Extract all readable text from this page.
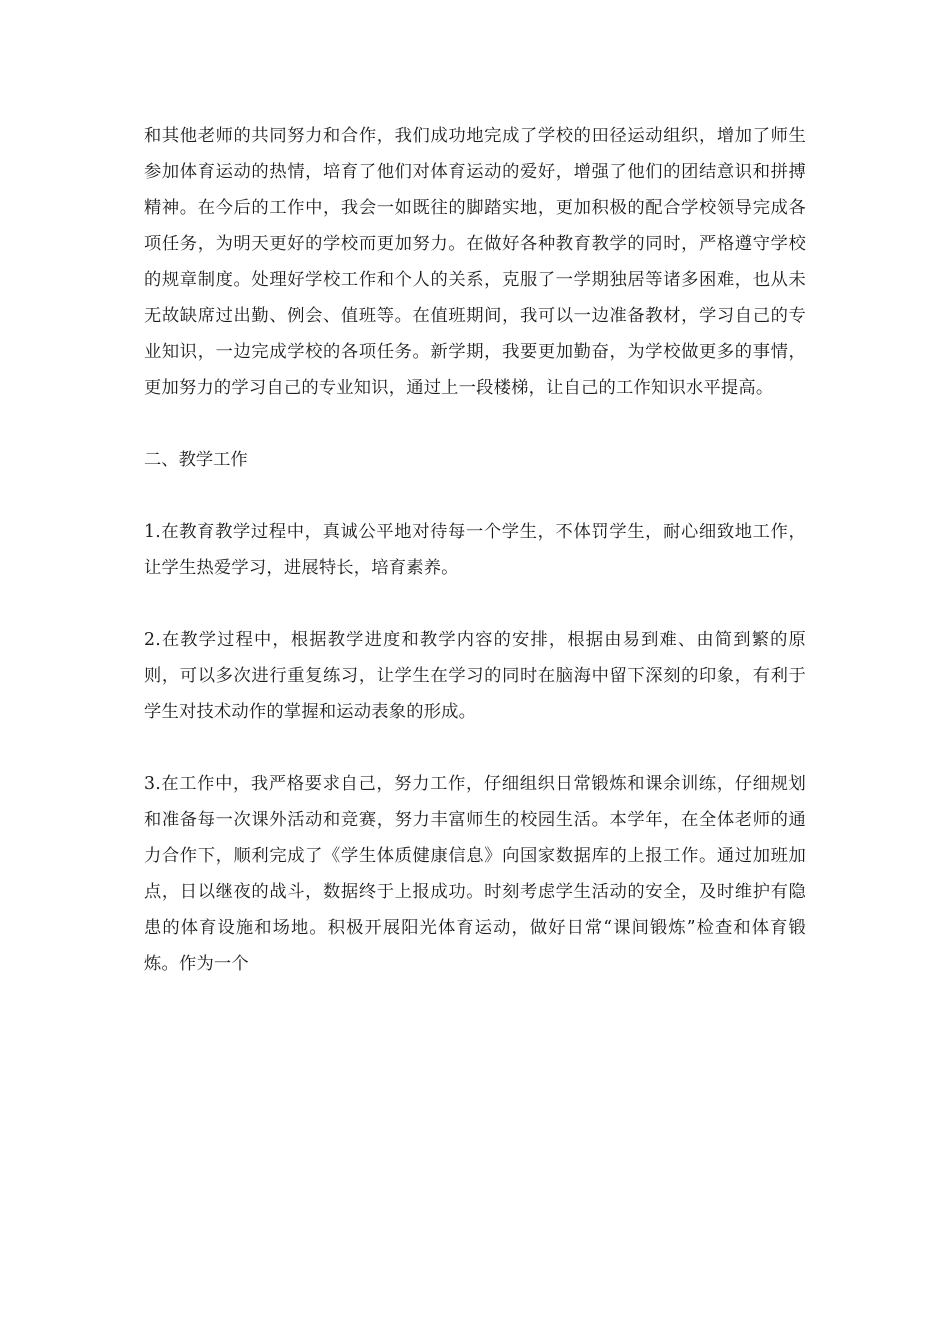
和其他老师的共同努力和合作，我们成功地完成了学校的田径运动组织，增加了师生参加体育运动的热情，培育了他们对体育运动的爱好，增强了他们的团结意识和拼搏精神。在今后的工作中，我会一如既往的脚踏实地，更加积极的配合学校领导完成各项任务，为明天更好的学校而更加努力。在做好各种教育教学的同时，严格遵守学校的规章制度。处理好学校工作和个人的关系，克服了一学期独居等诸多困难，也从未无故缺席过出勤、例会、值班等。在值班期间，我可以一边准备教材，学习自己的专业知识，一边完成学校的各项任务。新学期，我要更加勤奋，为学校做更多的事情，更加努力的学习自己的专业知识，通过上一段楼梯，让自己的工作知识水平提高。

二、教学工作

1.在教育教学过程中，真诚公平地对待每一个学生，不体罚学生，耐心细致地工作，让学生热爱学习，进展特长，培育素养。

2.在教学过程中，根据教学进度和教学内容的安排，根据由易到难、由简到繁的原则，可以多次进行重复练习，让学生在学习的同时在脑海中留下深刻的印象，有利于学生对技术动作的掌握和运动表象的形成。

3.在工作中，我严格要求自己，努力工作，仔细组织日常锻炼和课余训练，仔细规划和准备每一次课外活动和竞赛，努力丰富师生的校园生活。本学年，在全体老师的通力合作下，顺利完成了《学生体质健康信息》向国家数据库的上报工作。通过加班加点，日以继夜的战斗，数据终于上报成功。时刻考虑学生活动的安全，及时维护有隐患的体育设施和场地。积极开展阳光体育运动，做好日常“课间锻炼”检查和体育锻炼。作为一个
